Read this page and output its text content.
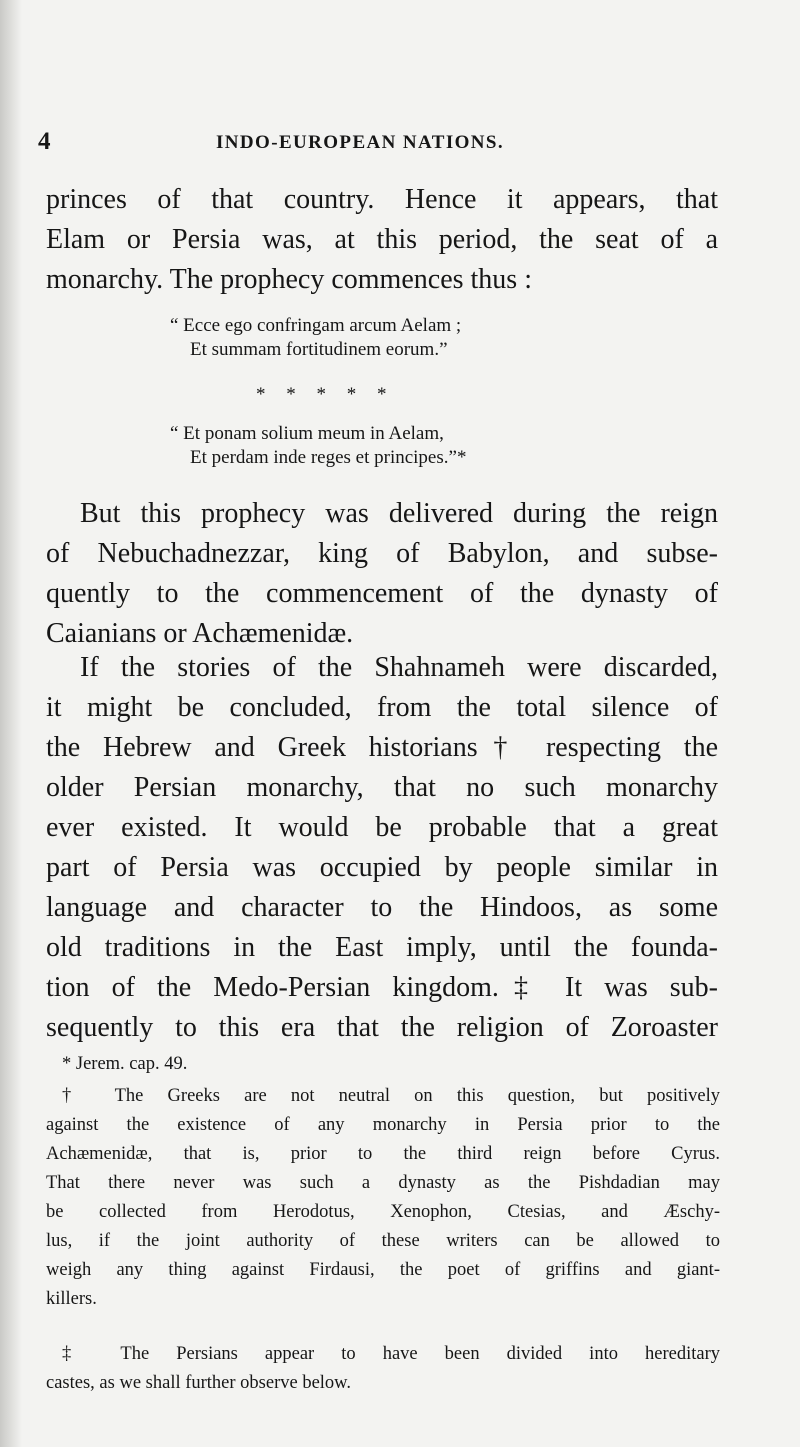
4	INDO-EUROPEAN NATIONS.
princes of that country. Hence it appears, that
Elam or Persia was, at this period, the seat of a
monarchy. The prophecy commences thus :
“ Ecce ego confringam arcum Aelam ;
Et summam fortitudinem eorum.”
* * * * *
“ Et ponam solium meum in Aelam,
Et perdam inde reges et principes.”*
But this prophecy was delivered during the reign
of Nebuchadnezzar, king of Babylon, and subse-
quently to the commencement of the dynasty of
Caianians or Achæmenidæ.
If the stories of the Shahnameh were discarded,
it might be concluded, from the total silence of
the Hebrew and Greek historians† respecting the
older Persian monarchy, that no such monarchy
ever existed. It would be probable that a great
part of Persia was occupied by people similar in
language and character to the Hindoos, as some
old traditions in the East imply, until the founda-
tion of the Medo-Persian kingdom.‡ It was sub-
sequently to this era that the religion of Zoroaster
* Jerem. cap. 49.
† The Greeks are not neutral on this question, but positively
against the existence of any monarchy in Persia prior to the
Achæmenidæ, that is, prior to the third reign before Cyrus.
That there never was such a dynasty as the Pishdadian may
be collected from Herodotus, Xenophon, Ctesias, and Æschy-
lus, if the joint authority of these writers can be allowed to
weigh any thing against Firdausi, the poet of griffins and giant-
killers.
‡ The Persians appear to have been divided into hereditary
castes, as we shall further observe below.
